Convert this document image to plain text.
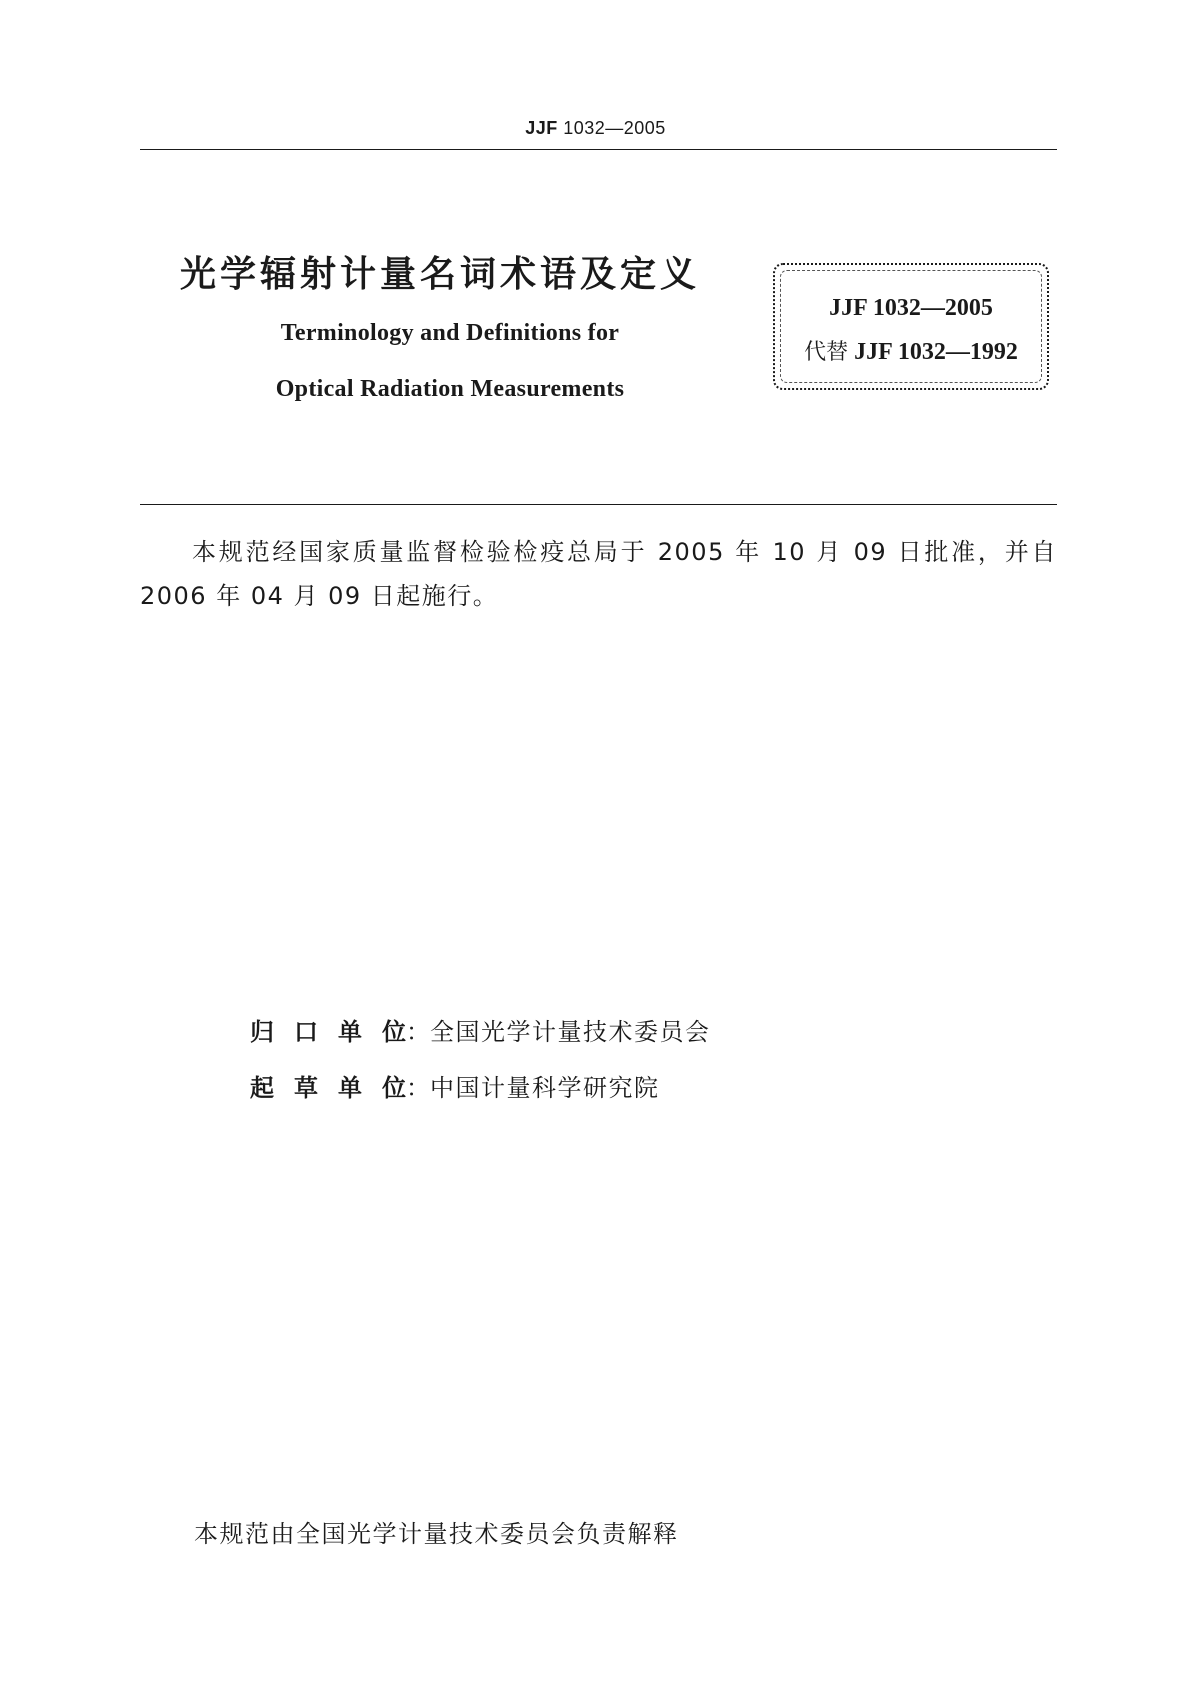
JJF 1032—2005
光学辐射计量名词术语及定义
Terminology and Definitions for
Optical Radiation Measurements
JJF 1032—2005
代替 JJF 1032—1992
本规范经国家质量监督检验检疫总局于 2005 年 10 月 09 日批准，并自 2006 年 04 月 09 日起施行。
归口单位：全国光学计量技术委员会
起草单位：中国计量科学研究院
本规范由全国光学计量技术委员会负责解释
